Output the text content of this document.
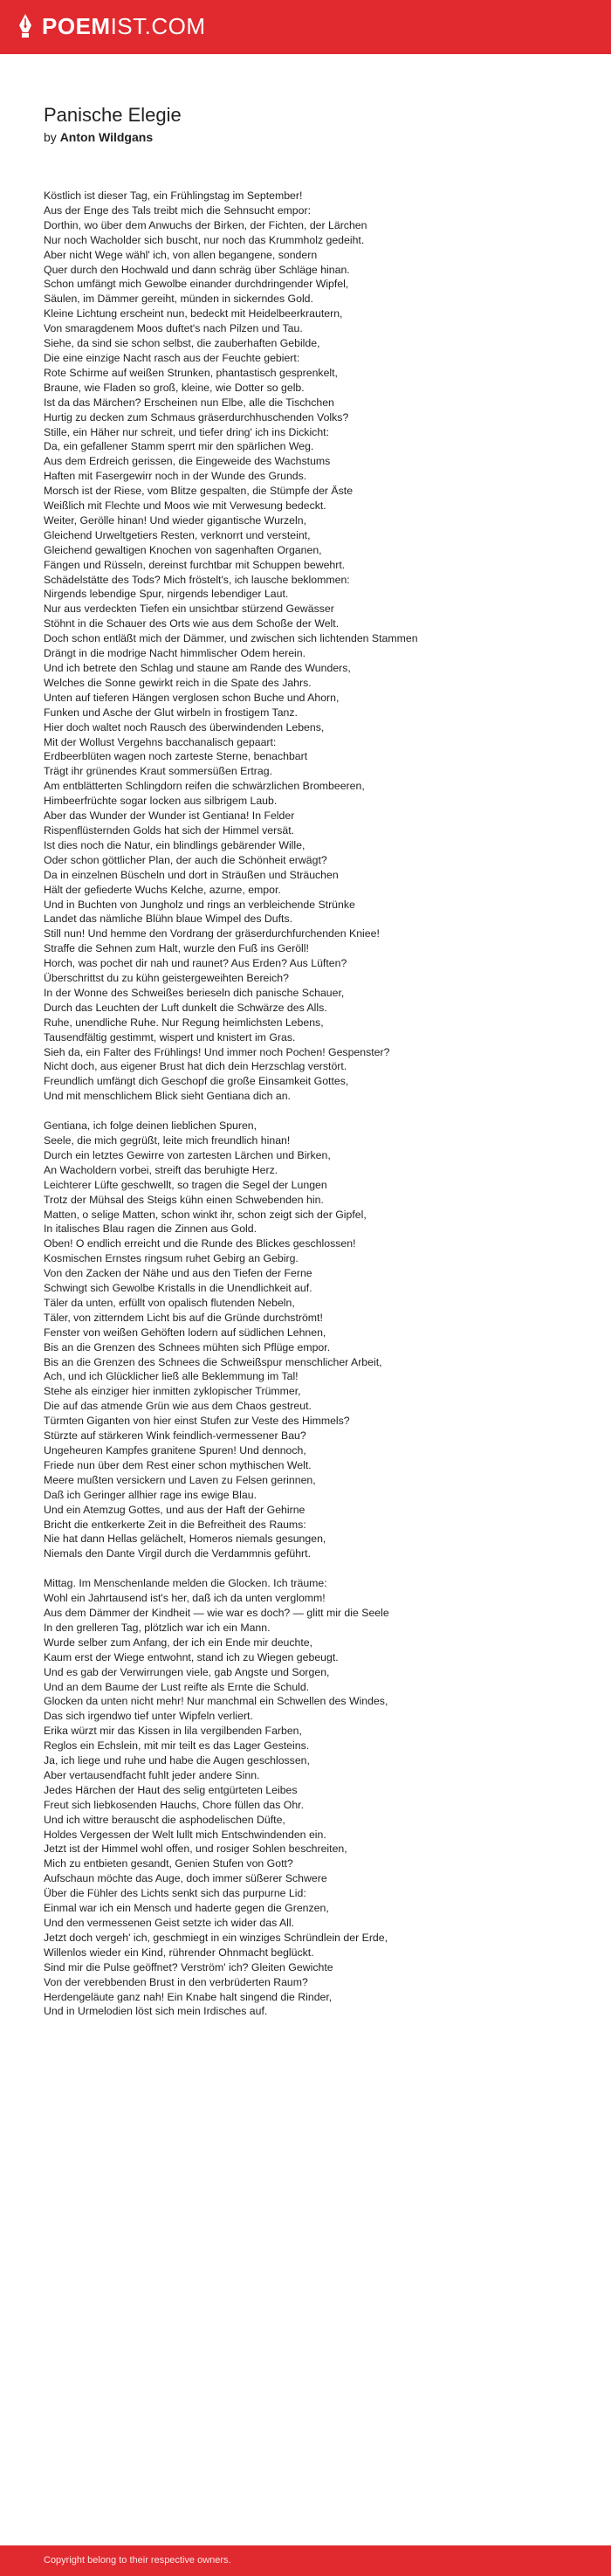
POEMIST.COM
Panische Elegie
by Anton Wildgans
Köstlich ist dieser Tag, ein Frühlingstag im September!
Aus der Enge des Tals treibt mich die Sehnsucht empor:
Dorthin, wo über dem Anwuchs der Birken, der Fichten, der Lärchen
Nur noch Wacholder sich buscht, nur noch das Krummholz gedeiht.
Aber nicht Wege wähl' ich, von allen begangene, sondern
Quer durch den Hochwald und dann schräg über Schläge hinan.
Schon umfängt mich Gewolbe einander durchdringender Wipfel,
Säulen, im Dämmer gereiht, münden in sickerndes Gold.
Kleine Lichtung erscheint nun, bedeckt mit Heidelbeerkrautern,
Von smaragdenem Moos duftet's nach Pilzen und Tau.
Siehe, da sind sie schon selbst, die zauberhaften Gebilde,
Die eine einzige Nacht rasch aus der Feuchte gebiert:
Rote Schirme auf weißen Strunken, phantastisch gesprenkelt,
Braune, wie Fladen so groß, kleine, wie Dotter so gelb.
Ist da das Märchen? Erscheinen nun Elbe, alle die Tischchen
Hurtig zu decken zum Schmaus gräserdurchhuschenden Volks?
Stille, ein Häher nur schreit, und tiefer dring' ich ins Dickicht:
Da, ein gefallener Stamm sperrt mir den spärlichen Weg.
Aus dem Erdreich gerissen, die Eingeweide des Wachstums
Haften mit Fasergewirr noch in der Wunde des Grunds.
Morsch ist der Riese, vom Blitze gespalten, die Stümpfe der Äste
Weißlich mit Flechte und Moos wie mit Verwesung bedeckt.
Weiter, Gerölle hinan! Und wieder gigantische Wurzeln,
Gleichend Urweltgetiers Resten, verknorrt und versteint,
Gleichend gewaltigen Knochen von sagenhaften Organen,
Fängen und Rüsseln, dereinst furchtbar mit Schuppen bewehrt.
Schädelstätte des Tods? Mich fröstelt's, ich lausche beklommen:
Nirgends lebendige Spur, nirgends lebendiger Laut.
Nur aus verdeckten Tiefen ein unsichtbar stürzend Gewässer
Stöhnt in die Schauer des Orts wie aus dem Schoße der Welt.
Doch schon entläßt mich der Dämmer, und zwischen sich lichtenden Stammen
Drängt in die modrige Nacht himmlischer Odem herein.
Und ich betrete den Schlag und staune am Rande des Wunders,
Welches die Sonne gewirkt reich in die Spate des Jahrs.
Unten auf tieferen Hängen verglosen schon Buche und Ahorn,
Funken und Asche der Glut wirbeln in frostigem Tanz.
Hier doch waltet noch Rausch des überwindenden Lebens,
Mit der Wollust Vergehns bacchanalisch gepaart:
Erdbeerblüten wagen noch zarteste Sterne, benachbart
Trägt ihr grünendes Kraut sommersüßen Ertrag.
Am entblätterten Schlingdorn reifen die schwärzlichen Brombeeren,
Himbeerfrüchte sogar locken aus silbrigem Laub.
Aber das Wunder der Wunder ist Gentiana! In Felder
Rispenflüsternden Golds hat sich der Himmel versät.
Ist dies noch die Natur, ein blindlings gebärender Wille,
Oder schon göttlicher Plan, der auch die Schönheit erwägt?
Da in einzelnen Büscheln und dort in Sträußen und Sträuchen
Hält der gefiederte Wuchs Kelche, azurne, empor.
Und in Buchten von Jungholz und rings an verbleichende Strünke
Landet das nämliche Blühn blaue Wimpel des Dufts.
Still nun! Und hemme den Vordrang der gräserdurchfurchenden Kniee!
Straffe die Sehnen zum Halt, wurzle den Fuß ins Geröll!
Horch, was pochet dir nah und raunet? Aus Erden? Aus Lüften?
Überschrittst du zu kühn geistergeweihten Bereich?
In der Wonne des Schweißes berieseln dich panische Schauer,
Durch das Leuchten der Luft dunkelt die Schwärze des Alls.
Ruhe, unendliche Ruhe. Nur Regung heimlichsten Lebens,
Tausendfältig gestimmt, wispert und knistert im Gras.
Sieh da, ein Falter des Frühlings! Und immer noch Pochen! Gespenster?
Nicht doch, aus eigener Brust hat dich dein Herzschlag verstört.
Freundlich umfängt dich Geschopf die große Einsamkeit Gottes,
Und mit menschlichem Blick sieht Gentiana dich an.
Gentiana, ich folge deinen lieblichen Spuren,
Seele, die mich gegrüßt, leite mich freundlich hinan!
Durch ein letztes Gewirre von zartesten Lärchen und Birken,
An Wacholdern vorbei, streift das beruhigte Herz.
Leichterer Lüfte geschwellt, so tragen die Segel der Lungen
Trotz der Mühsal des Steigs kühn einen Schwebenden hin.
Matten, o selige Matten, schon winkt ihr, schon zeigt sich der Gipfel,
In italisches Blau ragen die Zinnen aus Gold.
Oben! O endlich erreicht und die Runde des Blickes geschlossen!
Kosmischen Ernstes ringsum ruhet Gebirg an Gebirg.
Von den Zacken der Nähe und aus den Tiefen der Ferne
Schwingt sich Gewolbe Kristalls in die Unendlichkeit auf.
Täler da unten, erfüllt von opalisch flutenden Nebeln,
Täler, von zitterndem Licht bis auf die Gründe durchströmt!
Fenster von weißen Gehöften lodern auf südlichen Lehnen,
Bis an die Grenzen des Schnees mühten sich Pflüge empor.
Bis an die Grenzen des Schnees die Schweißspur menschlicher Arbeit,
Ach, und ich Glücklicher ließ alle Beklemmung im Tal!
Stehe als einziger hier inmitten zyklopischer Trümmer,
Die auf das atmende Grün wie aus dem Chaos gestreut.
Türmten Giganten von hier einst Stufen zur Veste des Himmels?
Stürzte auf stärkeren Wink feindlich-vermessener Bau?
Ungeheuren Kampfes granitene Spuren! Und dennoch,
Friede nun über dem Rest einer schon mythischen Welt.
Meere mußten versickern und Laven zu Felsen gerinnen,
Daß ich Geringer allhier rage ins ewige Blau.
Und ein Atemzug Gottes, und aus der Haft der Gehirne
Bricht die entkerkerte Zeit in die Befreitheit des Raums:
Nie hat dann Hellas gelächelt, Homeros niemals gesungen,
Niemals den Dante Virgil durch die Verdammnis geführt.
Mittag. Im Menschenlande melden die Glocken. Ich träume:
Wohl ein Jahrtausend ist's her, daß ich da unten verglomm!
Aus dem Dämmer der Kindheit — wie war es doch? — glitt mir die Seele
In den grelleren Tag, plötzlich war ich ein Mann.
Wurde selber zum Anfang, der ich ein Ende mir deuchte,
Kaum erst der Wiege entwohnt, stand ich zu Wiegen gebeugt.
Und es gab der Verwirrungen viele, gab Angste und Sorgen,
Und an dem Baume der Lust reifte als Ernte die Schuld.
Glocken da unten nicht mehr! Nur manchmal ein Schwellen des Windes,
Das sich irgendwo tief unter Wipfeln verliert.
Erika würzt mir das Kissen in lila vergilbenden Farben,
Reglos ein Echslein, mit mir teilt es das Lager Gesteins.
Ja, ich liege und ruhe und habe die Augen geschlossen,
Aber vertausendfacht fuhlt jeder andere Sinn.
Jedes Härchen der Haut des selig entgürteten Leibes
Freut sich liebkosenden Hauchs, Chore füllen das Ohr.
Und ich wittre berauscht die asphodelischen Düfte,
Holdes Vergessen der Welt lullt mich Entschwindenden ein.
Jetzt ist der Himmel wohl offen, und rosiger Sohlen beschreiten,
Mich zu entbieten gesandt, Genien Stufen von Gott?
Aufschaun möchte das Auge, doch immer süßerer Schwere
Über die Fühler des Lichts senkt sich das purpurne Lid:
Einmal war ich ein Mensch und haderte gegen die Grenzen,
Und den vermessenen Geist setzte ich wider das All.
Jetzt doch vergeh' ich, geschmiegt in ein winziges Schründlein der Erde,
Willenlos wieder ein Kind, rührender Ohnmacht beglückt.
Sind mir die Pulse geöffnet? Verström' ich? Gleiten Gewichte
Von der verebbenden Brust in den verbrüderten Raum?
Herdengeläute ganz nah! Ein Knabe halt singend die Rinder,
Und in Urmelodien löst sich mein Irdisches auf.
Copyright belong to their respective owners.
